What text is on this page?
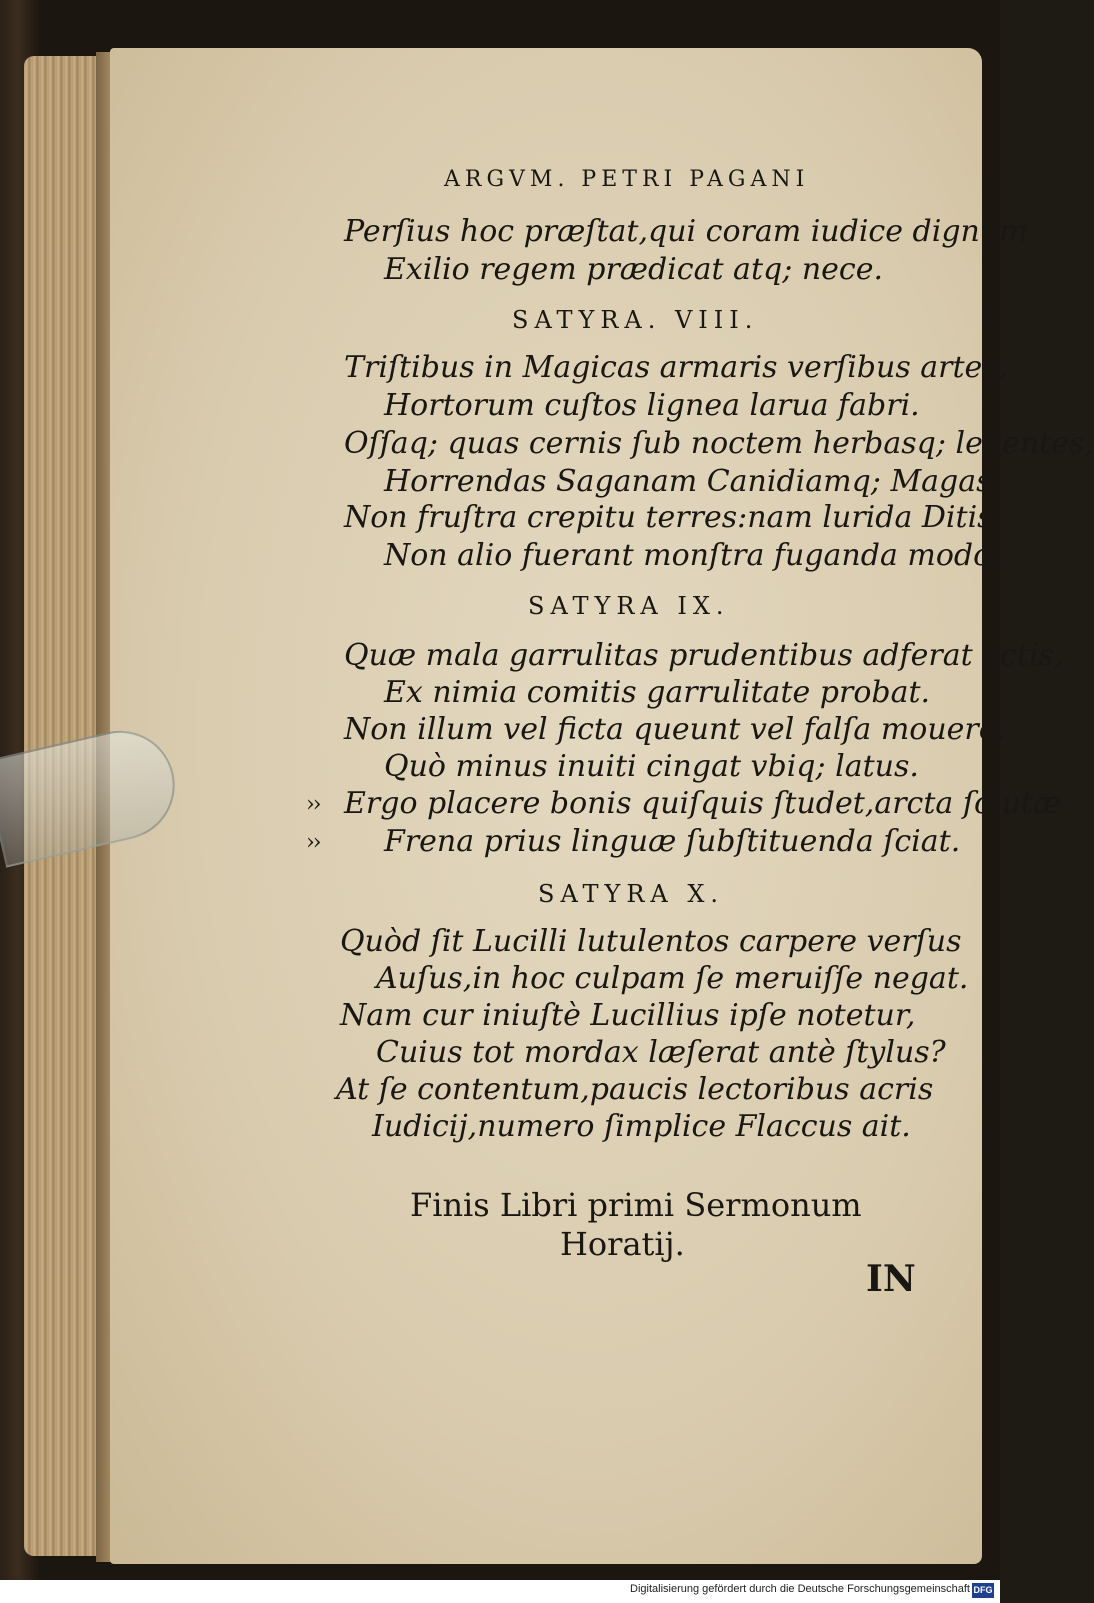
ARGVM. PETRI PAGANI
Perſius hoc præſtat,qui coram iudice dignum
Exilio regem prædicat atq; nece.
SATYRA. VIII.
Triſtibus in Magicas armaris verſibus artes,
Hortorum cuſtos lignea larua fabri.
Oſſaq; quas cernis ſub noctem herbasq; legentes,
Horrendas Saganam Canidiamq; Magas.
Non fruſtra crepitu terres:nam lurida Ditis
Non alio fuerant monſtra fuganda modo.
SATYRA IX.
Quæ mala garrulitas prudentibus adferat actis,
Ex nimia comitis garrulitate probat.
Non illum vel ficta queunt vel falſa mouere,
Quò minus inuiti cingat vbiq; latus.
›› Ergo placere bonis quiſquis ſtudet,arcta ſolutæ
›› Frena prius linguæ ſubſtituenda ſciat.
SATYRA X.
Quòd ſit Lucilli lutulentos carpere verſus
Auſus,in hoc culpam ſe meruiſſe negat.
Nam cur iniuſtè Lucillius ipſe notetur,
Cuius tot mordax læſerat antè ſtylus?
At ſe contentum,paucis lectoribus acris
Iudicij,numero ſimplice Flaccus ait.
Finis Libri primi Sermonum
Horatij.
IN
Digitalisierung gefördert durch die Deutsche Forschungsgemeinschaft DFG
